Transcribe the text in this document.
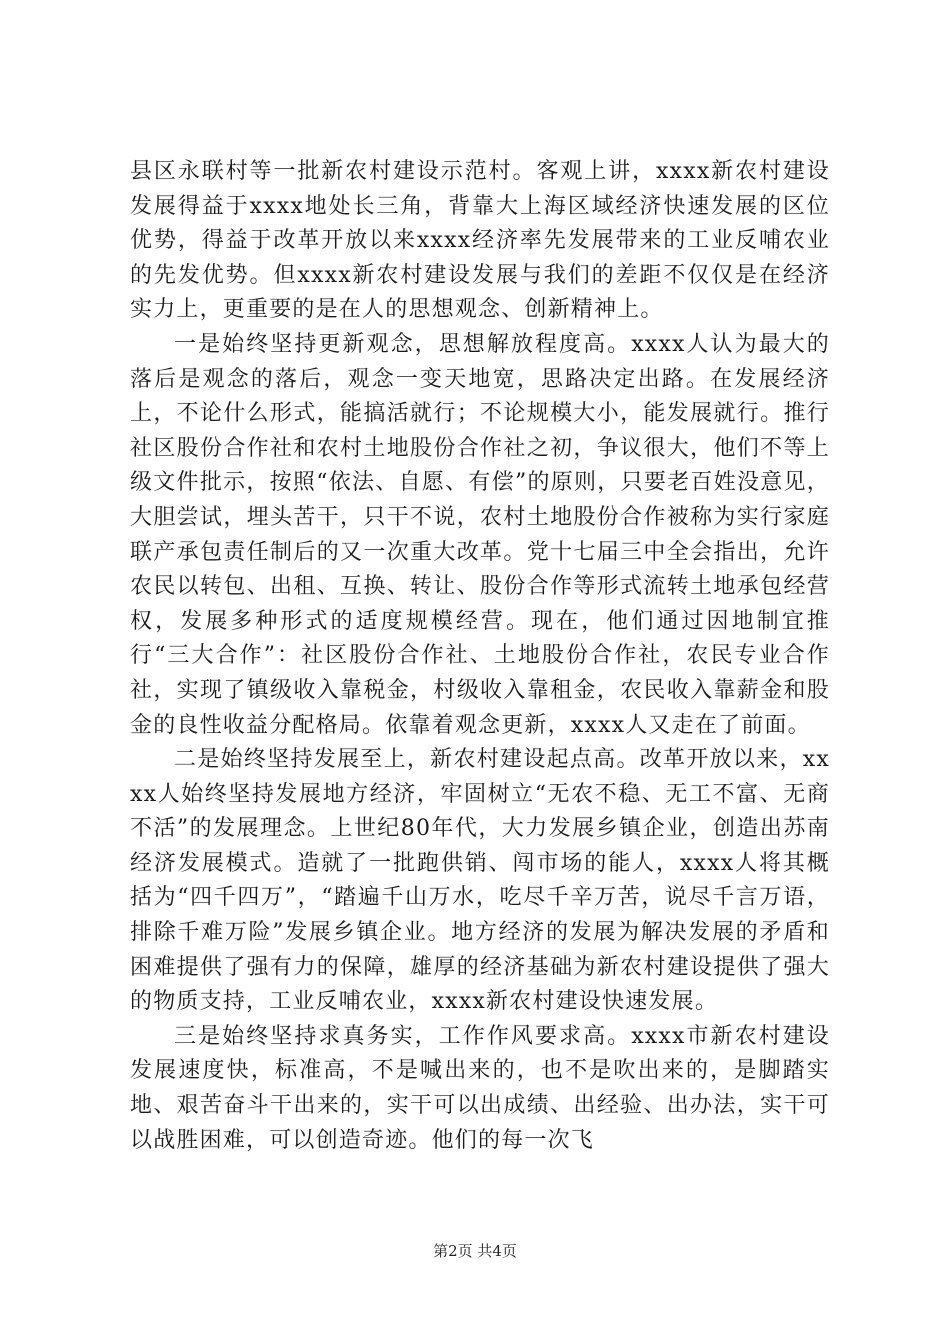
县区永联村等一批新农村建设示范村。客观上讲，xxxx新农村建设发展得益于xxxx地处长三角，背靠大上海区域经济快速发展的区位优势，得益于改革开放以来xxxx经济率先发展带来的工业反哺农业的先发优势。但xxxx新农村建设发展与我们的差距不仅仅是在经济实力上，更重要的是在人的思想观念、创新精神上。

一是始终坚持更新观念，思想解放程度高。xxxx人认为最大的落后是观念的落后，观念一变天地宽，思路决定出路。在发展经济上，不论什么形式，能搞活就行；不论规模大小，能发展就行。推行社区股份合作社和农村土地股份合作社之初，争议很大，他们不等上级文件批示，按照“依法、自愿、有偿”的原则，只要老百姓没意见，大胆尝试，埋头苦干，只干不说，农村土地股份合作被称为实行家庭联产承包责任制后的又一次重大改革。党十七届三中全会指出，允许农民以转包、出租、互换、转让、股份合作等形式流转土地承包经营权，发展多种形式的适度规模经营。现在，他们通过因地制宜推行“三大合作”：社区股份合作社、土地股份合作社，农民专业合作社，实现了镇级收入靠税金，村级收入靠租金，农民收入靠薪金和股金的良性收益分配格局。依靠着观念更新，xxxx人又走在了前面。

二是始终坚持发展至上，新农村建设起点高。改革开放以来，xxxx人始终坚持发展地方经济，牢固树立“无农不稳、无工不富、无商不活”的发展理念。上世纪80年代，大力发展乡镇企业，创造出苏南经济发展模式。造就了一批跑供销、闯市场的能人，xxxx人将其概括为“四千四万”，“踏遍千山万水，吃尽千辛万苦，说尽千言万语，排除千难万险”发展乡镇企业。地方经济的发展为解决发展的矛盾和困难提供了强有力的保障，雄厚的经济基础为新农村建设提供了强大的物质支持，工业反哺农业，xxxx新农村建设快速发展。

三是始终坚持求真务实，工作作风要求高。xxxx市新农村建设发展速度快，标准高，不是喊出来的，也不是吹出来的，是脚踏实地、艰苦奋斗干出来的，实干可以出成绩、出经验、出办法，实干可以战胜困难，可以创造奇迹。他们的每一次飞

第2页 共4页
